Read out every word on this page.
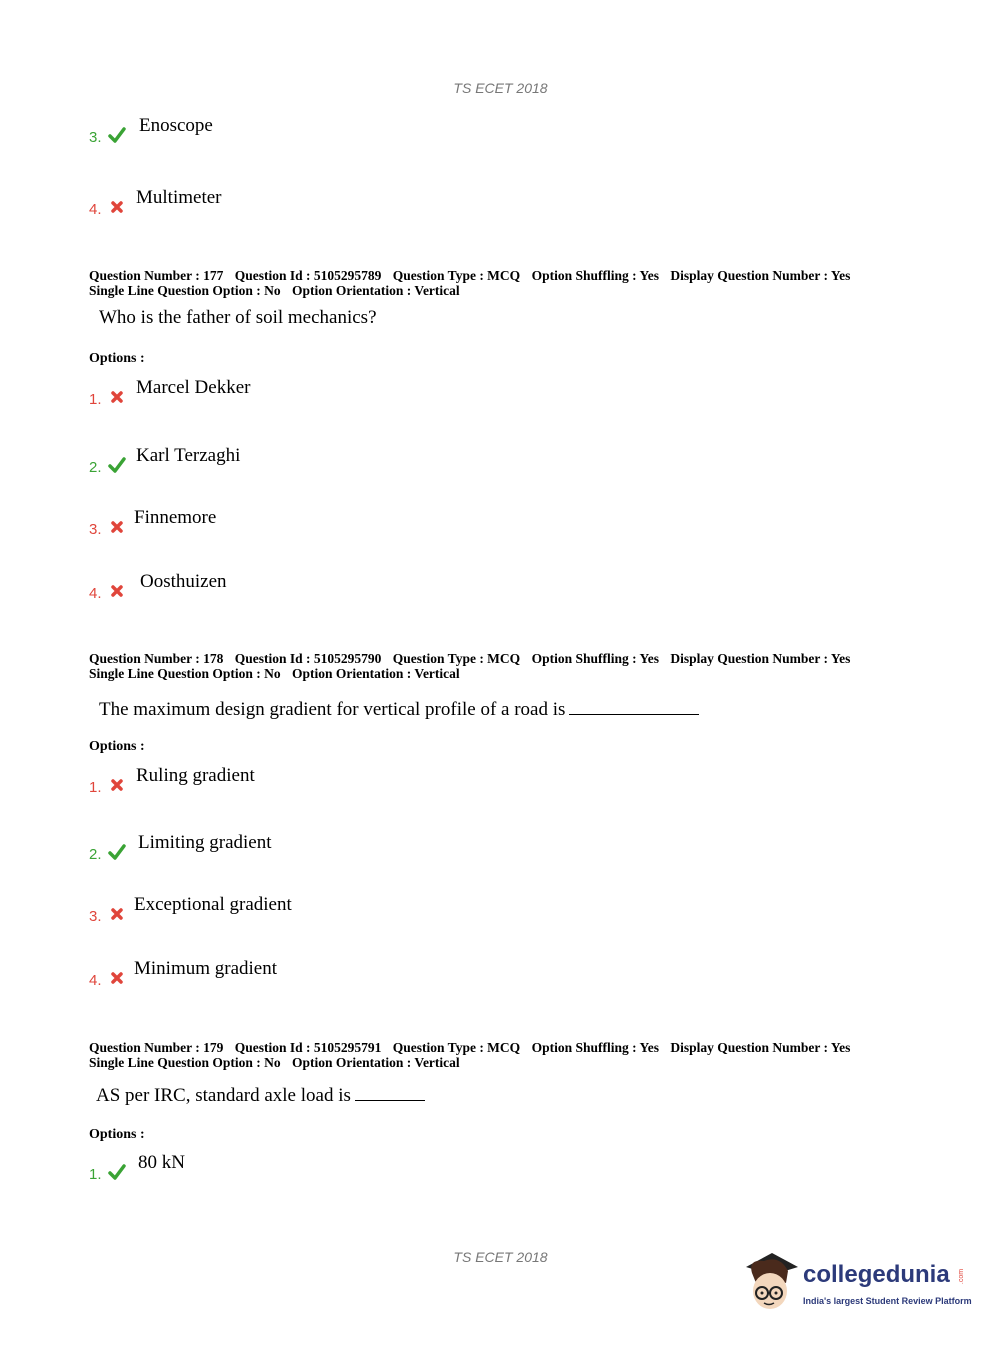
TS ECET 2018
3.
Enoscope
4.
Multimeter
Question Number : 177 Question Id : 5105295789 Question Type : MCQ Option Shuffling : Yes Display Question Number : Yes
Single Line Question Option : No Option Orientation : Vertical
Who is the father of soil mechanics?
Options :
1.
Marcel Dekker
2.
Karl Terzaghi
3.
Finnemore
4.
Oosthuizen
Question Number : 178 Question Id : 5105295790 Question Type : MCQ Option Shuffling : Yes Display Question Number : Yes
Single Line Question Option : No Option Orientation : Vertical
The maximum design gradient for vertical profile of a road is
Options :
1.
Ruling gradient
2.
Limiting gradient
3.
Exceptional gradient
4.
Minimum gradient
Question Number : 179 Question Id : 5105295791 Question Type : MCQ Option Shuffling : Yes Display Question Number : Yes
Single Line Question Option : No Option Orientation : Vertical
AS per IRC, standard axle load is
Options :
1.
80 kN
TS ECET 2018
collegedunia .com
India's largest Student Review Platform
